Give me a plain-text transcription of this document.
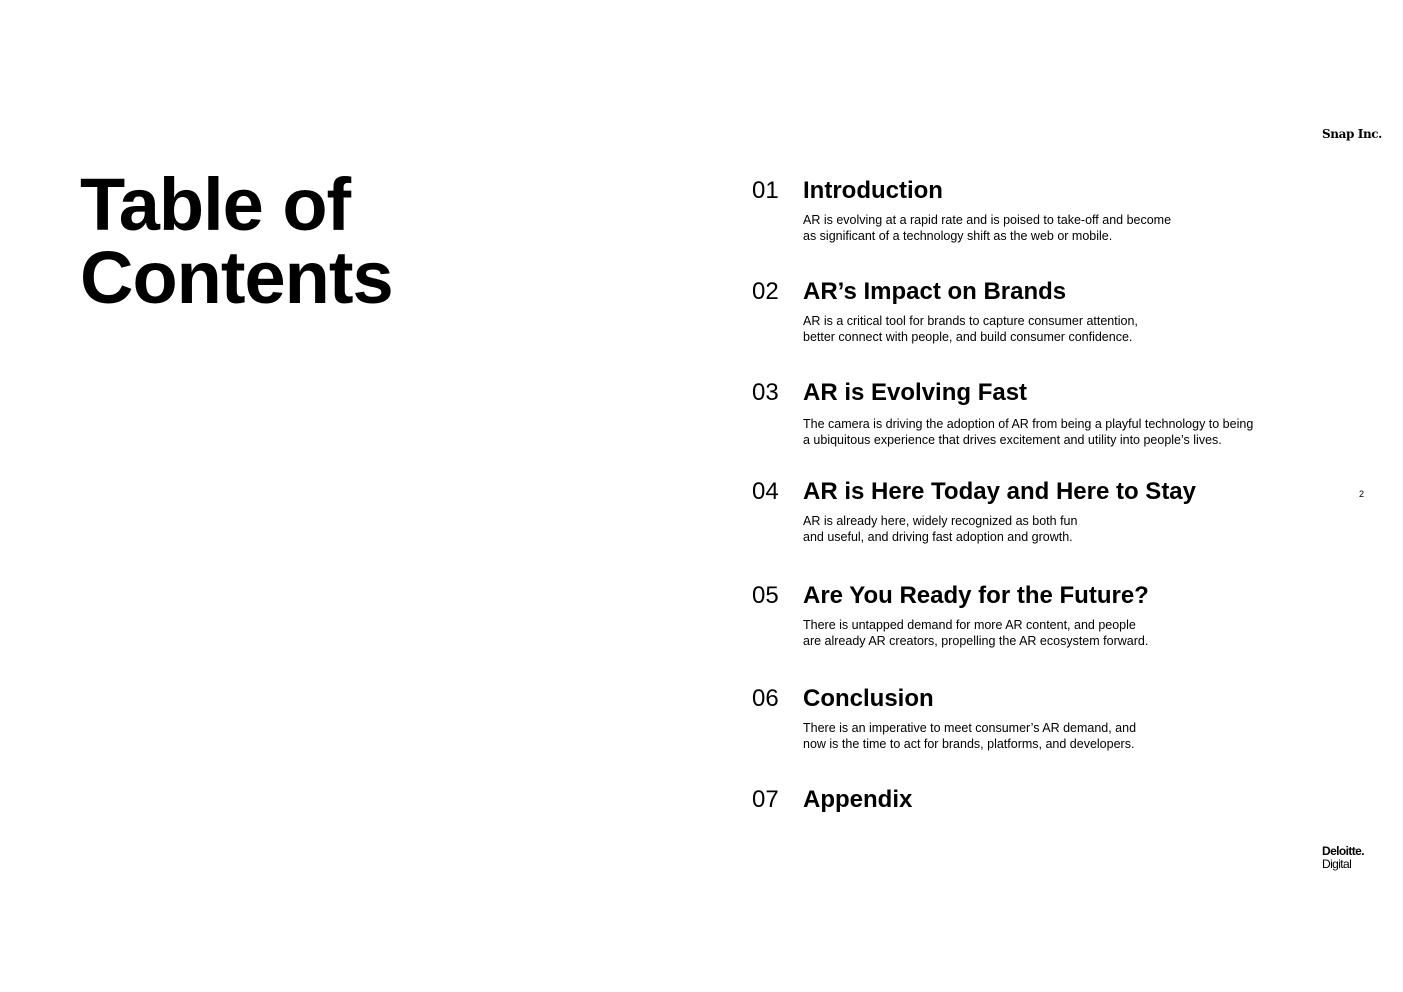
Snap Inc.
Table of
Contents
01	Introduction
AR is evolving at a rapid rate and is poised to take-off and become
as significant of a technology shift as the web or mobile.
02	AR’s Impact on Brands
AR is a critical tool for brands to capture consumer attention,
better connect with people, and build consumer confidence.
03	AR is Evolving Fast
The camera is driving the adoption of AR from being a playful technology to being
a ubiquitous experience that drives excitement and utility into people’s lives.
04	AR is Here Today and Here to Stay
AR is already here, widely recognized as both fun
and useful, and driving fast adoption and growth.
05	Are You Ready for the Future?
There is untapped demand for more AR content, and people
are already AR creators, propelling the AR ecosystem forward.
06	Conclusion
There is an imperative to meet consumer’s AR demand, and
now is the time to act for brands, platforms, and developers.
07	Appendix
2
Deloitte.
Digital
